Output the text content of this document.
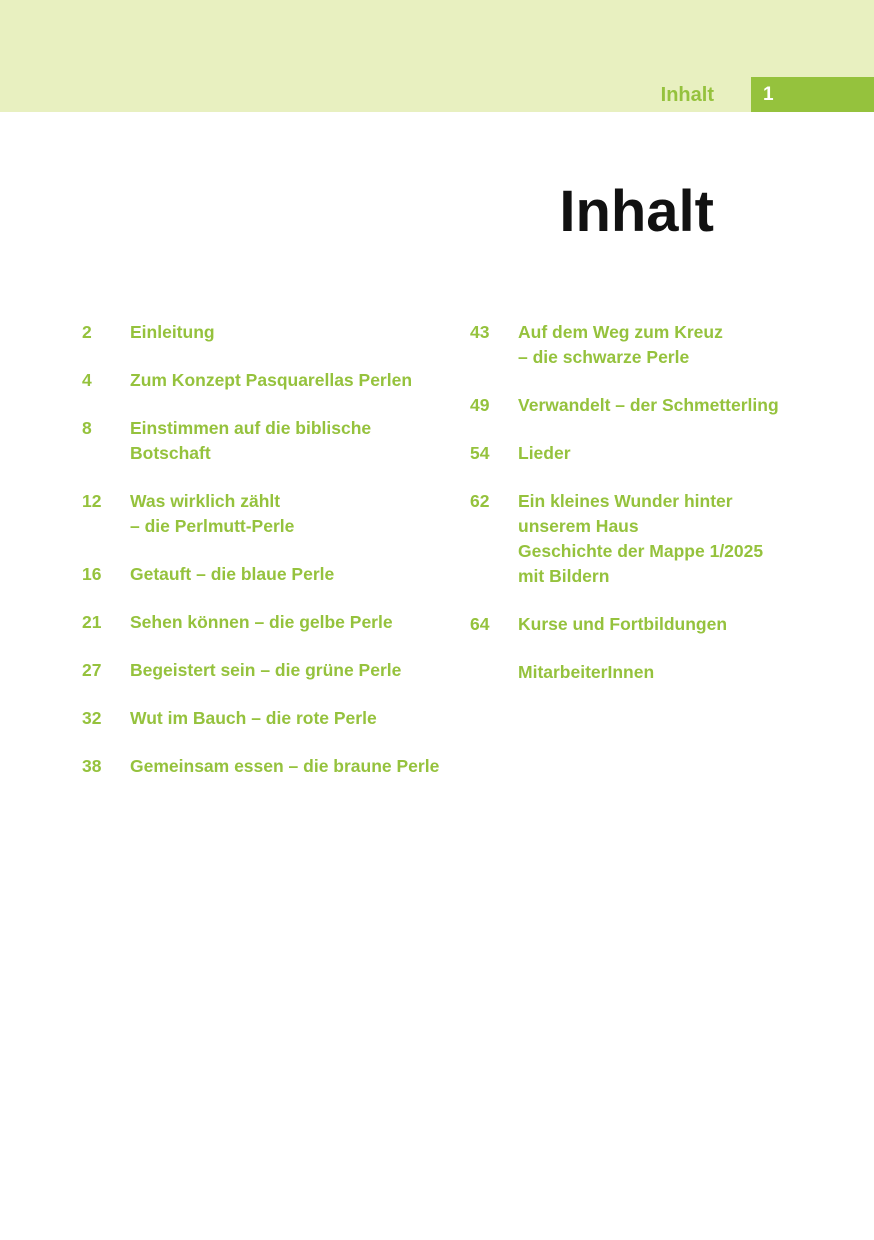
Inhalt	1
Inhalt
2 Einleitung
4 Zum Konzept Pasquarellas Perlen
8 Einstimmen auf die biblische
Botschaft
12 Was wirklich zählt
– die Perlmutt-Perle
16 Getauft – die blaue Perle
21 Sehen können – die gelbe Perle
27 Begeistert sein – die grüne Perle
32 Wut im Bauch – die rote Perle
38 Gemeinsam essen – die braune Perle
43 Auf dem Weg zum Kreuz
– die schwarze Perle
49 Verwandelt – der Schmetterling
54 Lieder
62 Ein kleines Wunder hinter
unserem Haus
Geschichte der Mappe 1/2025
mit Bildern
64 Kurse und Fortbildungen
MitarbeiterInnen
